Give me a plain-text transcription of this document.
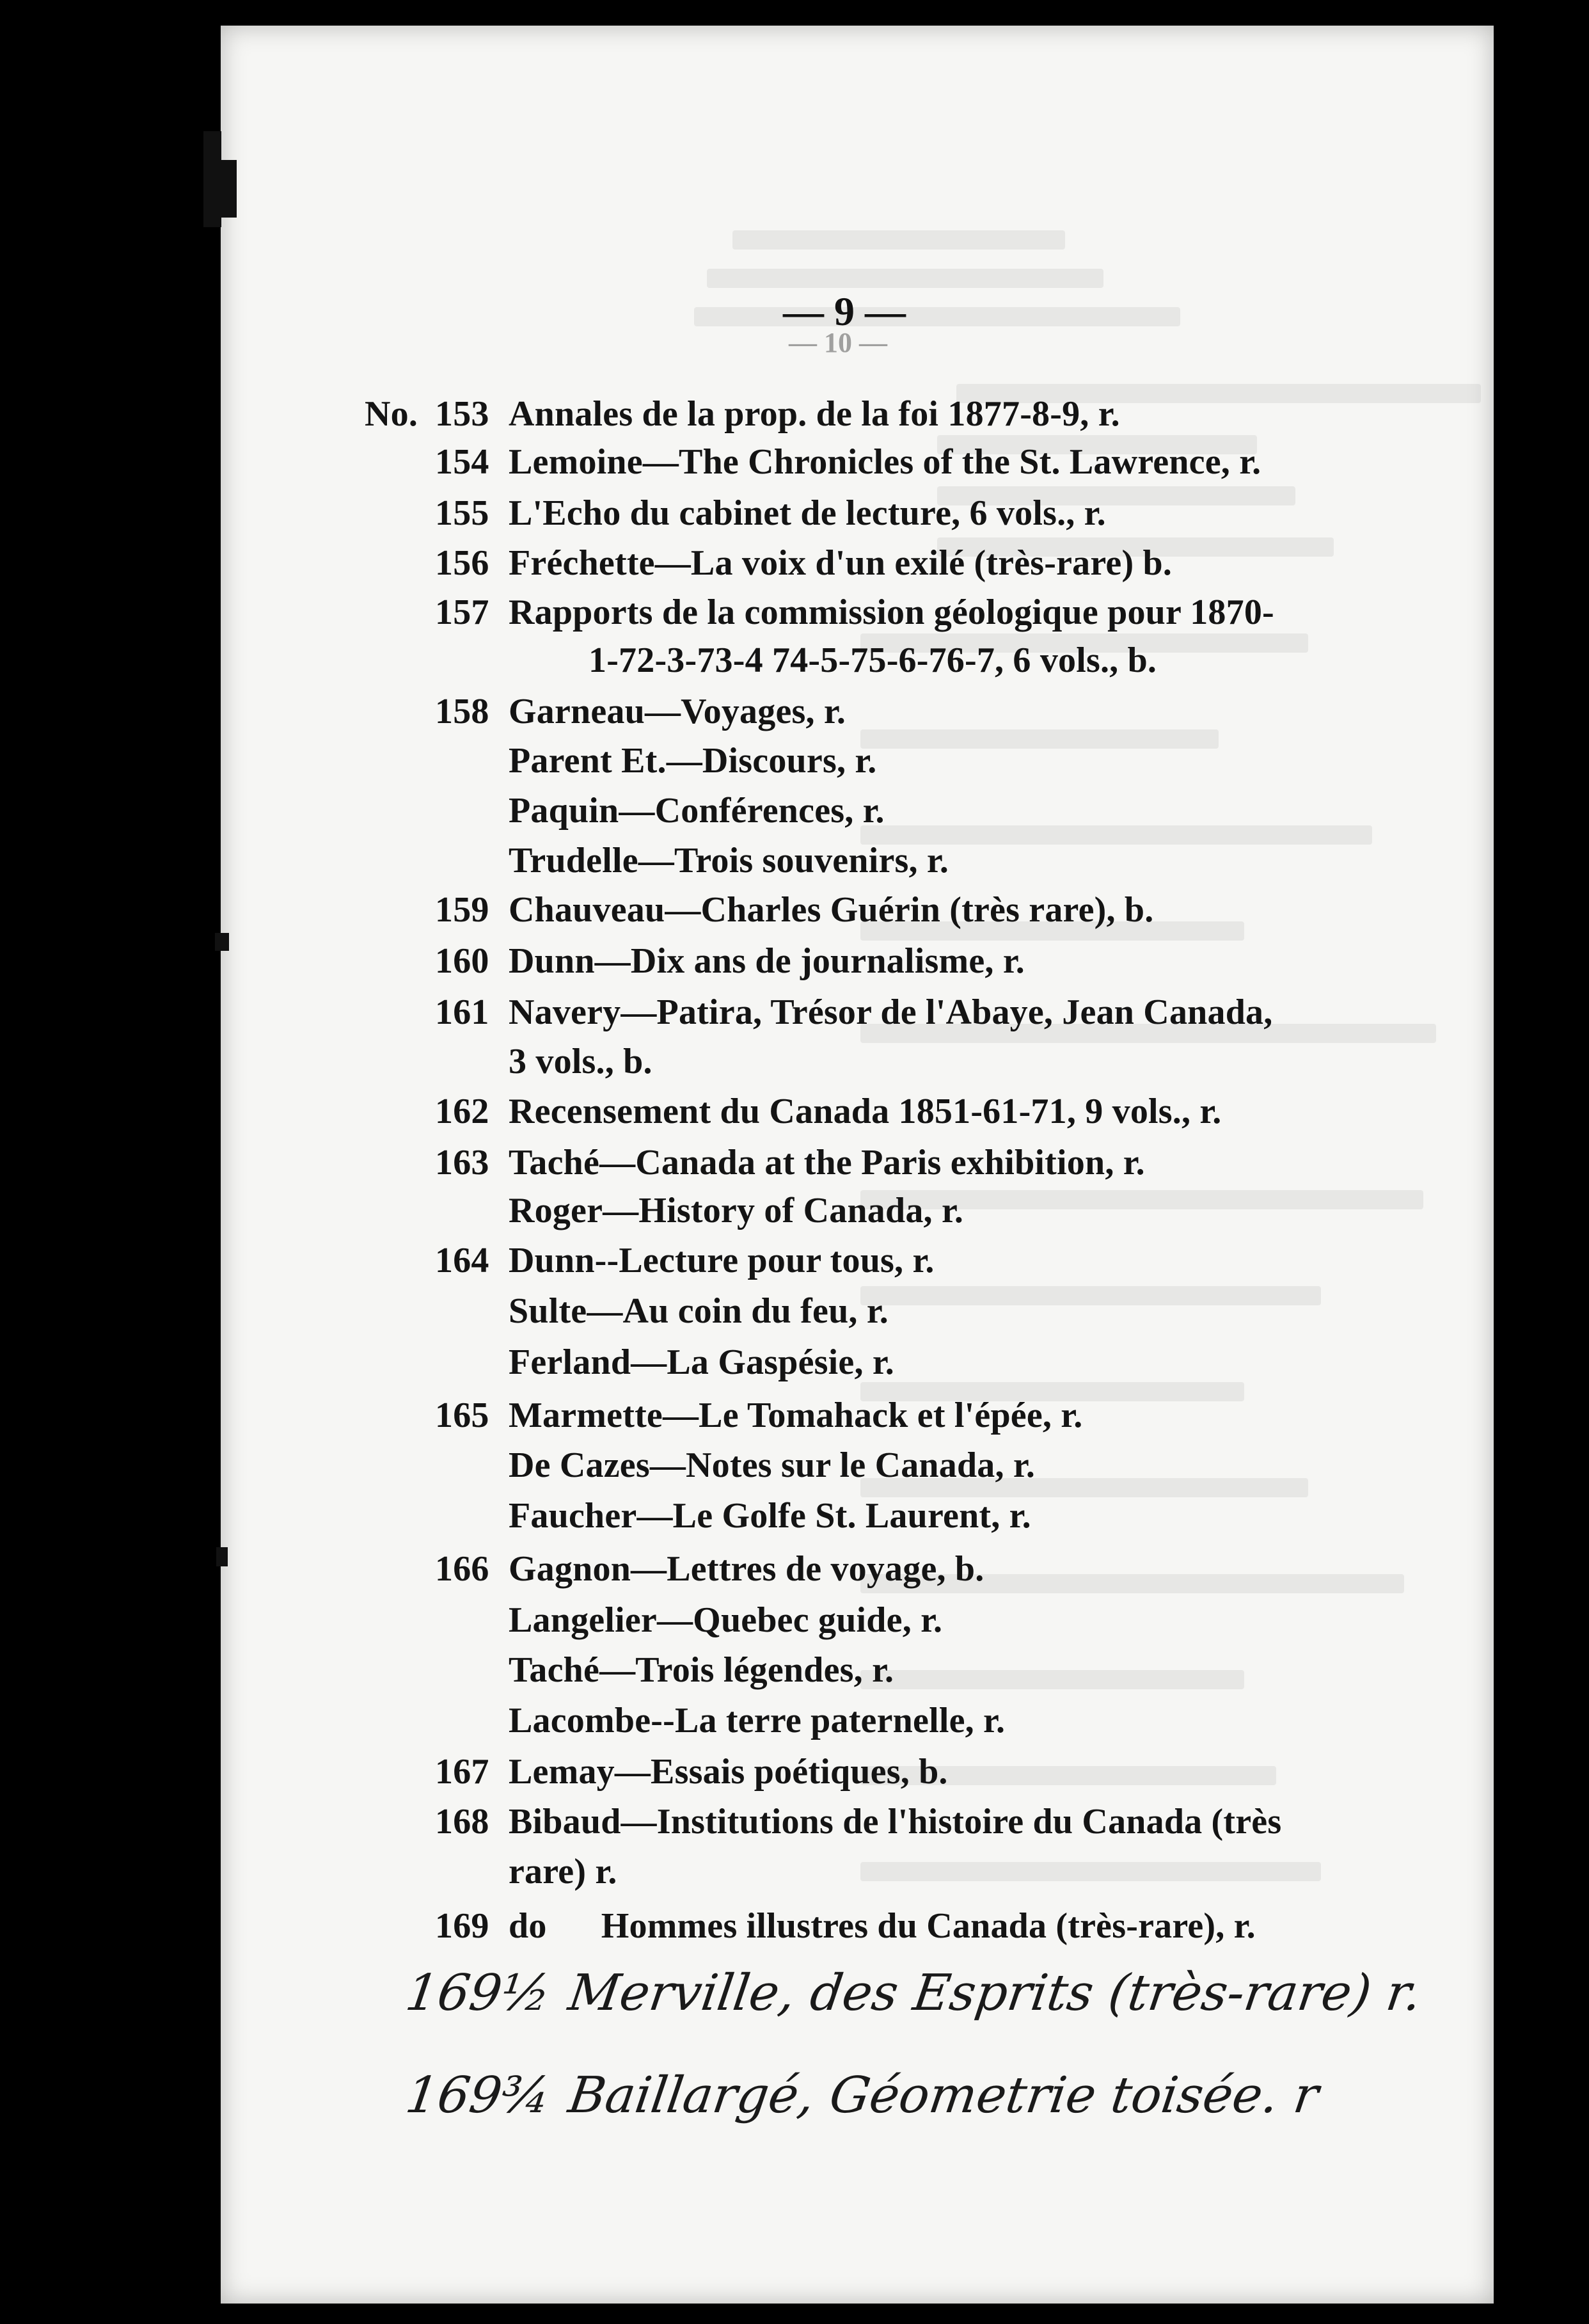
— 10 —
— 9 —
No. 153 Annales de la prop. de la foi 1877-8-9, r.
154 Lemoine—The Chronicles of the St. Lawrence, r.
155 L'Echo du cabinet de lecture, 6 vols., r.
156 Fréchette—La voix d'un exilé (très-rare) b.
157 Rapports de la commission géologique pour 1870-
1-72-3-73-4 74-5-75-6-76-7, 6 vols., b.
158 Garneau—Voyages, r.
Parent Et.—Discours, r.
Paquin—Conférences, r.
Trudelle—Trois souvenirs, r.
159 Chauveau—Charles Guérin (très rare), b.
160 Dunn—Dix ans de journalisme, r.
161 Navery—Patira, Trésor de l'Abaye, Jean Canada,
3 vols., b.
162 Recensement du Canada 1851-61-71, 9 vols., r.
163 Taché—Canada at the Paris exhibition, r.
Roger—History of Canada, r.
164 Dunn--Lecture pour tous, r.
Sulte—Au coin du feu, r.
Ferland—La Gaspésie, r.
165 Marmette—Le Tomahack et l'épée, r.
De Cazes—Notes sur le Canada, r.
Faucher—Le Golfe St. Laurent, r.
166 Gagnon—Lettres de voyage, b.
Langelier—Quebec guide, r.
Taché—Trois légendes, r.
Lacombe--La terre paternelle, r.
167 Lemay—Essais poétiques, b.
168 Bibaud—Institutions de l'histoire du Canada (très
rare) r.
169 do      Hommes illustres du Canada (très-rare), r.
169½ Merville, des Esprits (très-rare) r.
169¾ Baillargé, Géometrie toisée. r
